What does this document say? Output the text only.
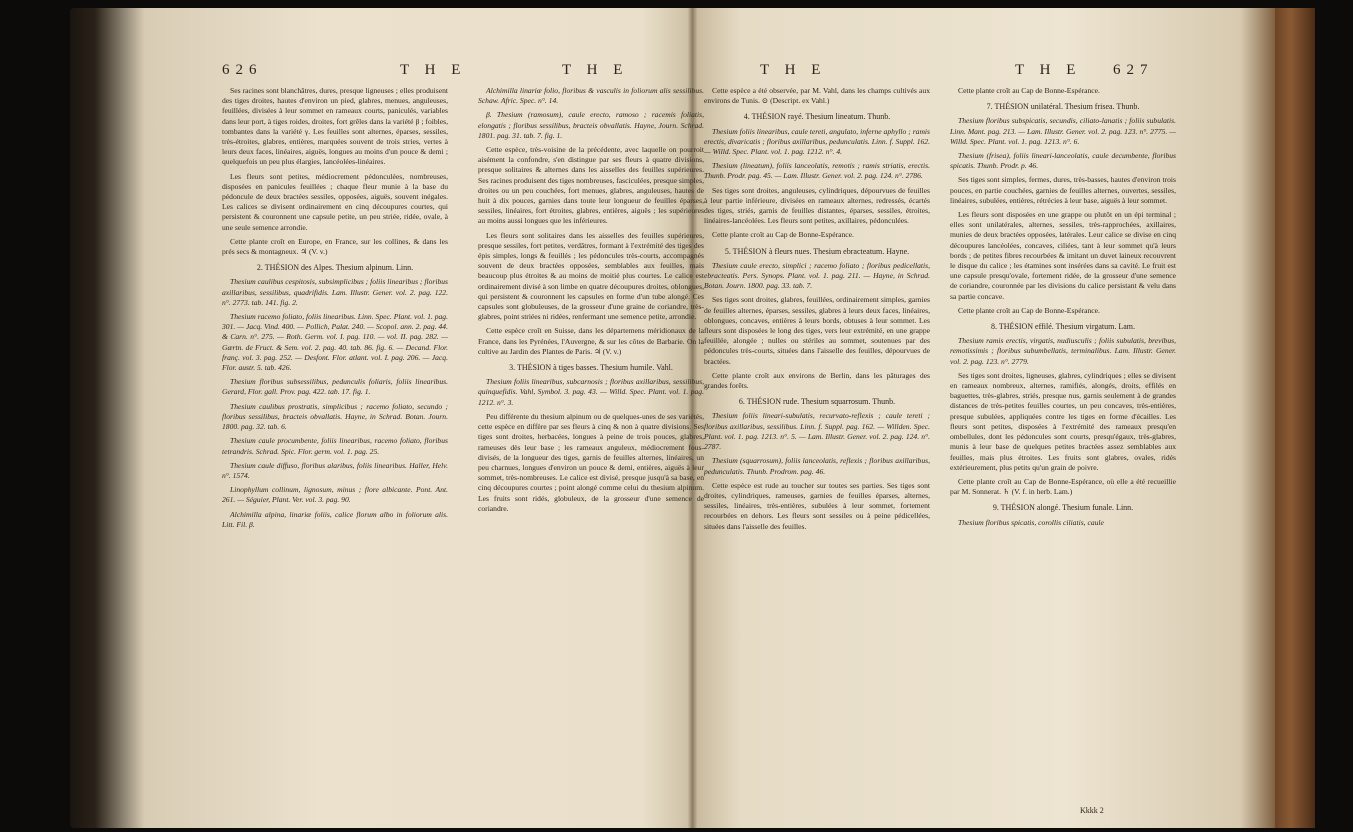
626	T H E	T H E

Ses racines sont blanchâtres, dures, presque ligneuses ; elles produisent des tiges droites, hautes d'environ un pied, glabres, menues, anguleuses, feuillées, divisées à leur sommet en rameaux courts, paniculés, variables dans leur port, à tiges roides, droites, fort grêles dans la variété β ; foibles, tombantes dans la variété γ. Les feuilles sont alternes, éparses, sessiles, très-étroites, glabres, entières, marquées souvent de trois stries, vertes à leurs deux faces, linéaires, aiguës, longues au moins d'un pouce & demi ; quelquefois un peu plus élargies, lancéolées-linéaires.

Les fleurs sont petites, médiocrement pédonculées, nombreuses, disposées en panicules feuillées ; chaque fleur munie à la base du pédoncule de deux bractées sessiles, opposées, aiguës, souvent inégales. Les calices se divisent ordinairement en cinq découpures courtes, qui persistent & couronnent une capsule petite, un peu striée, ridée, ovale, à une seule semence arrondie.

Cette plante croît en Europe, en France, sur les collines, & dans les prés secs & montagneux. ♃ (V. v.)

2. THÉSION des Alpes. Thesium alpinum. Linn.

Thesium caulibus cespitosis, subsimplicibus ; foliis linearibus ; floribus axillaribus, sessilibus, quadrifidis. Lam. Illustr. Gener. vol. 2. pag. 122. n°. 2773. tab. 141. fig. 2.

Thesium racemo foliato, foliis linearibus. Linn. Spec. Plant. vol. 1. pag. 301. — Jacq. Vind. 400. — Pollich, Palat. 240. — Scopol. ann. 2. pag. 44. & Carn. n°. 275. — Roth. Germ. vol. I. pag. 110. — vol. II. pag. 282. — Gærtn. de Fruct. & Sem. vol. 2. pag. 40. tab. 86. fig. 6. — Decand. Flor. franç. vol. 3. pag. 252. — Desfont. Flor. atlant. vol. I. pag. 206. — Jacq. Flor. austr. 5. tab. 426.

Thesium floribus subsessilibus, pedunculis foliaris, foliis linearibus. Gerard, Flor. gall. Prov. pag. 422. tab. 17. fig. 1.

Thesium caulibus prostratis, simplicibus ; racemo foliato, secundo ; floribus sessilibus, bracteis obvallatis. Hayne, in Schrad. Botan. Journ. 1800. pag. 32. tab. 6.

Thesium caule procumbente, foliis linearibus, racemo foliato, floribus tetrandris. Schrad. Spic. Flor. germ. vol. 1. pag. 25.

Thesium caule diffuso, floribus alaribus, foliis linearibus. Haller, Helv. n°. 1574.

Linophyllum collinum, lignosum, minus ; flore albicante. Pont. Ant. 261. — Séguier, Plant. Ver. vol. 3. pag. 90.

Alchimilla alpina, linariæ foliis, calice florum albo in foliorum alis. Litt. Fil. β.

Alchimilla linariæ folio, floribus & vasculis in foliorum alis sessilibus. Schaw. Afric. Spec. n°. 14.

β. Thesium (ramosum), caule erecto, ramoso ; racemis foliatis, elongatis ; floribus sessilibus, bracteis obvallatis. Hayne, Journ. Schrad. 1801. pag. 31. tab. 7. fig. 1.

Cette espèce, très-voisine de la précédente, avec laquelle on pourroit aisément la confondre, s'en distingue par ses fleurs à quatre divisions, presque solitaires & alternes dans les aisselles des feuilles supérieures. Ses racines produisent des tiges nombreuses, fasciculées, presque simples, droites ou un peu couchées, fort menues, glabres, anguleuses, hautes de huit à dix pouces, garnies dans toute leur longueur de feuilles éparses, sessiles, linéaires, fort étroites, glabres, entières, aiguës ; les supérieures au moins aussi longues que les inférieures.

Les fleurs sont solitaires dans les aisselles des feuilles supérieures, presque sessiles, fort petites, verdâtres, formant à l'extrémité des tiges des épis simples, longs & feuillés ; les pédoncules très-courts, accompagnés souvent de deux bractées opposées, semblables aux feuilles, mais beaucoup plus étroites & au moins de moitié plus courtes. Le calice est ordinairement divisé à son limbe en quatre découpures droites, oblongues, qui persistent & couronnent les capsules en forme d'un tube alongé. Ces capsules sont globuleuses, de la grosseur d'une graine de coriandre, très-glabres, point striées ni ridées, renfermant une semence petite, arrondie.

Cette espèce croît en Suisse, dans les départemens méridionaux de la France, dans les Pyrénées, l'Auvergne, & sur les côtes de Barbarie. On la cultive au Jardin des Plantes de Paris. ♃ (V. v.)

3. THÉSION à tiges basses. Thesium humile. Vahl.

Thesium foliis linearibus, subcarnosis ; floribus axillaribus, sessilibus, quinquefidis. Vahl, Symbol. 3. pag. 43. — Willd. Spec. Plant. vol. 1. pag. 1212. n°. 3.

Peu différente du thesium alpinum ou de quelques-unes de ses variétés, cette espèce en diffère par ses fleurs à cinq & non à quatre divisions. Ses tiges sont droites, herbacées, longues à peine de trois pouces, glabres, rameuses dès leur base ; les rameaux anguleux, médiocrement fous-divisés, de la longueur des tiges, garnis de feuilles alternes, linéaires, un peu charnues, longues d'environ un pouce & demi, entières, aiguës à leur sommet, très-nombreuses. Le calice est divisé, presque jusqu'à sa base, en cinq découpures courtes ; point alongé comme celui du thesium alpinum. Les fruits sont ridés, globuleux, de la grosseur d'une semence de coriandre.

T H E	T H E 627

Cette espèce a été observée, par M. Vahl, dans les champs cultivés aux environs de Tunis. ⊙ (Descript. ex Vahl.)

4. THÉSION rayé. Thesium lineatum. Thunb.

Thesium foliis linearibus, caule tereti, angulato, inferne aphyllo ; ramis erectis, divaricatis ; floribus axillaribus, pedunculatis. Linn. f. Suppl. 162. — Willd. Spec. Plant. vol. 1. pag. 1212. n°. 4.

Thesium (lineatum), foliis lanceolatis, remotis ; ramis striatis, erectis. Thunb. Prodr. pag. 45. — Lam. Illustr. Gener. vol. 2. pag. 124. n°. 2786.

Ses tiges sont droites, anguleuses, cylindriques, dépourvues de feuilles à leur partie inférieure, divisées en rameaux alternes, redressés, écartés des tiges, striés, garnis de feuilles distantes, éparses, sessiles, étroites, linéaires-lancéolées. Les fleurs sont petites, axillaires, pédonculées.

Cette plante croît au Cap de Bonne-Espérance.

5. THÉSION à fleurs nues. Thesium ebracteatum. Hayne.

Thesium caule erecto, simplici ; racemo foliato ; floribus pedicellatis, ebracteatis. Pers. Synops. Plant. vol. 1. pag. 211. — Hayne, in Schrad. Botan. Journ. 1800. pag. 33. tab. 7.

Ses tiges sont droites, glabres, feuillées, ordinairement simples, garnies de feuilles alternes, éparses, sessiles, glabres à leurs deux faces, linéaires, oblongues, concaves, entières à leurs bords, obtuses à leur sommet. Les fleurs sont disposées le long des tiges, vers leur extrémité, en une grappe feuillée, alongée ; nulles ou stériles au sommet, soutenues par des pédoncules très-courts, situées dans l'aisselle des feuilles, dépourvues de bractées.

Cette plante croît aux environs de Berlin, dans les pâturages des grandes forêts.

6. THÉSION rude. Thesium squarrosum. Thunb.

Thesium foliis lineari-subulatis, recurvato-reflexis ; caule tereti ; floribus axillaribus, sessilibus. Linn. f. Suppl. pag. 162. — Willden. Spec. Plant. vol. 1. pag. 1213. n°. 5. — Lam. Illustr. Gener. vol. 2. pag. 124. n°. 2787.

Thesium (squarrosum), foliis lanceolatis, reflexis ; floribus axillaribus, pedunculatis. Thunb. Prodrom. pag. 46.

Cette espèce est rude au toucher sur toutes ses parties. Ses tiges sont droites, cylindriques, rameuses, garnies de feuilles éparses, alternes, sessiles, linéaires, très-entières, subulées à leur sommet, fortement recourbées en dehors. Les fleurs sont sessiles ou à peine pédicellées, situées dans l'aisselle des feuilles.

Cette plante croît au Cap de Bonne-Espérance.

7. THÉSION unilatéral. Thesium frisea. Thunb.

Thesium floribus subspicatis, secundis, ciliato-lanatis ; foliis subulatis. Linn. Mant. pag. 213. — Lam. Illustr. Gener. vol. 2. pag. 123. n°. 2775. — Willd. Spec. Plant. vol. 1. pag. 1213. n°. 6.

Thesium (frisea), foliis lineari-lanceolatis, caule decumbente, floribus spicatis. Thunb. Prodr. p. 46.

Ses tiges sont simples, fermes, dures, très-basses, hautes d'environ trois pouces, en partie couchées, garnies de feuilles alternes, ouvertes, sessiles, linéaires, subulées, entières, rétrécies à leur base, aiguës à leur sommet.

Les fleurs sont disposées en une grappe ou plutôt en un épi terminal ; elles sont unilatérales, alternes, sessiles, très-rapprochées, axillaires, munies de deux bractées opposées, latérales. Leur calice se divise en cinq découpures lancéolées, concaves, ciliées, tant à leur sommet qu'à leurs bords ; de petites fibres recourbées & imitant un duvet laineux recouvrent le disque du calice ; les étamines sont insérées dans sa cavité. Le fruit est une capsule presqu'ovale, fortement ridée, de la grosseur d'une semence de coriandre, couronnée par les divisions du calice persistant & velu dans sa partie concave.

Cette plante croît au Cap de Bonne-Espérance.

8. THÉSION effilé. Thesium virgatum. Lam.

Thesium ramis erectis, virgatis, nudiusculis ; foliis subulatis, brevibus, remotissimis ; floribus subumbellatis, terminalibus. Lam. Illustr. Gener. vol. 2. pag. 123. n°. 2779.

Ses tiges sont droites, ligneuses, glabres, cylindriques ; elles se divisent en rameaux nombreux, alternes, ramifiés, alongés, droits, effilés en baguettes, très-glabres, striés, presque nus, garnis seulement à de grandes distances de très-petites feuilles courtes, un peu concaves, très-entières, presque subulées, appliquées contre les tiges en forme d'écailles. Les fleurs sont petites, disposées à l'extrémité des rameaux presqu'en ombellules, dont les pédoncules sont courts, presqu'égaux, très-glabres, munis à leur base de quelques petites bractées assez semblables aux feuilles, mais plus étroites. Les fruits sont glabres, ovales, ridés extérieurement, plus petits qu'un grain de poivre.

Cette plante croît au Cap de Bonne-Espérance, où elle a été recueillie par M. Sonnerat. ♄ (V. f. in herb. Lam.)

9. THÉSION alongé. Thesium funale. Linn.

Thesium floribus spicatis, corollis ciliatis, caule

Kkkk 2
